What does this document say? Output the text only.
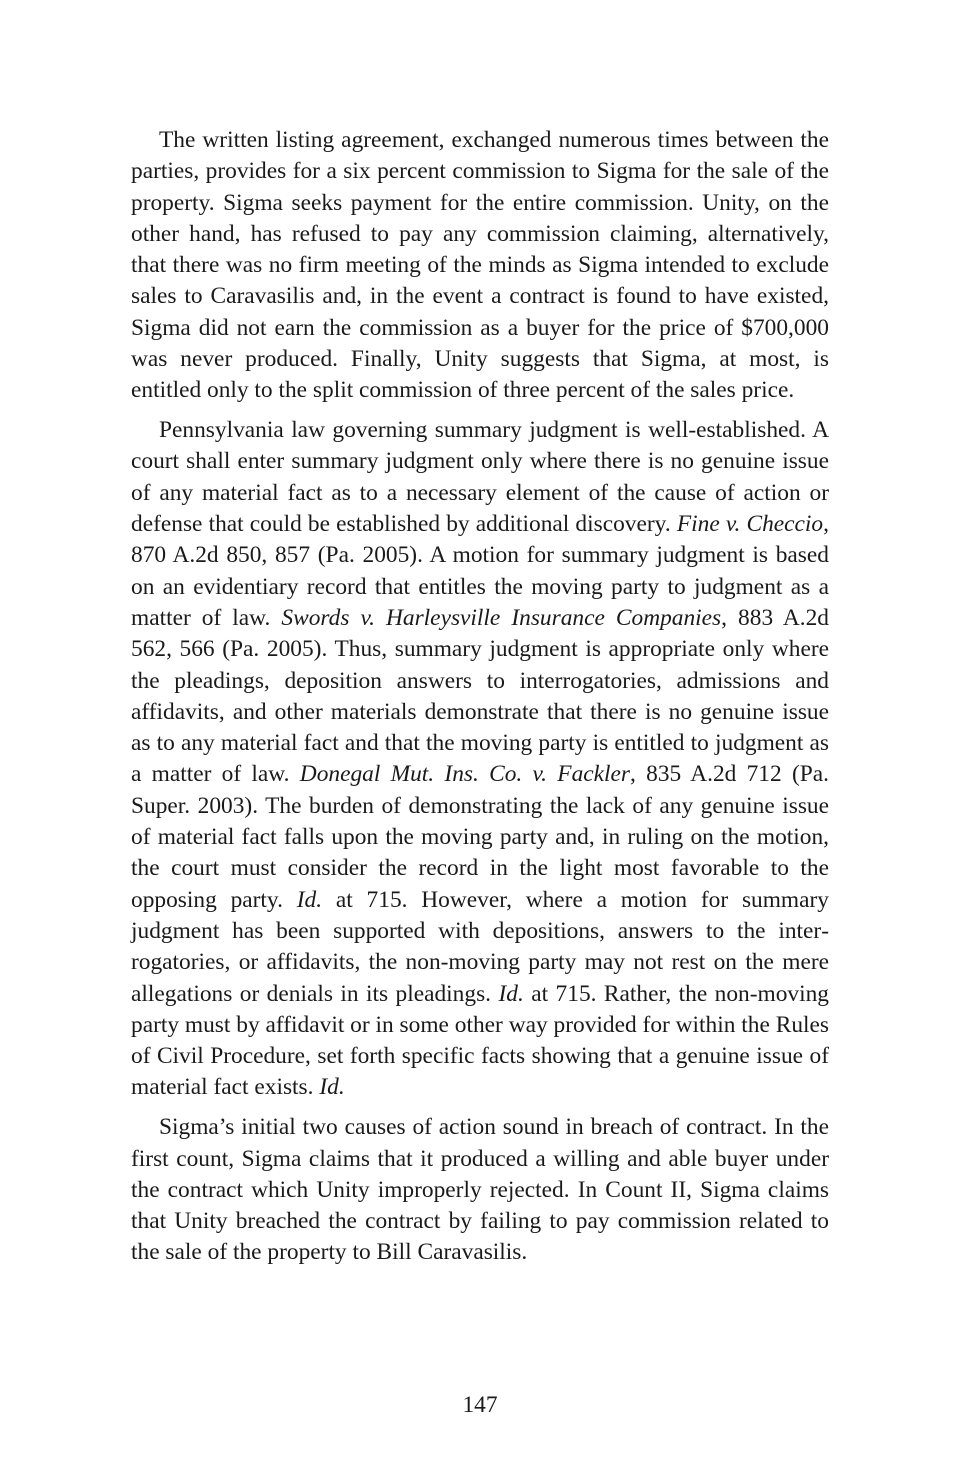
The written listing agreement, exchanged numerous times between the parties, provides for a six percent commission to Sigma for the sale of the property. Sigma seeks payment for the entire commission. Unity, on the other hand, has refused to pay any commission claiming, alternatively, that there was no firm meeting of the minds as Sigma intended to exclude sales to Caravasilis and, in the event a contract is found to have existed, Sigma did not earn the commission as a buyer for the price of $700,000 was never produced. Finally, Unity suggests that Sigma, at most, is entitled only to the split commission of three percent of the sales price.

Pennsylvania law governing summary judgment is well-established. A court shall enter summary judgment only where there is no genuine issue of any material fact as to a necessary element of the cause of action or defense that could be established by additional discovery. Fine v. Checcio, 870 A.2d 850, 857 (Pa. 2005). A motion for summary judgment is based on an evidentiary record that entitles the moving party to judgment as a matter of law. Swords v. Harleysville Insurance Companies, 883 A.2d 562, 566 (Pa. 2005). Thus, summary judgment is appropriate only where the pleadings, deposition answers to interrogatories, admissions and affidavits, and other materials demonstrate that there is no genuine issue as to any material fact and that the moving party is entitled to judgment as a matter of law. Donegal Mut. Ins. Co. v. Fackler, 835 A.2d 712 (Pa. Super. 2003). The burden of demonstrating the lack of any genuine issue of material fact falls upon the moving party and, in ruling on the motion, the court must consider the record in the light most favorable to the opposing party. Id. at 715. However, where a motion for summary judgment has been supported with depositions, answers to the interrogatories, or affidavits, the non-moving party may not rest on the mere allegations or denials in its pleadings. Id. at 715. Rather, the non-moving party must by affidavit or in some other way provided for within the Rules of Civil Procedure, set forth specific facts showing that a genuine issue of material fact exists. Id.

Sigma’s initial two causes of action sound in breach of contract. In the first count, Sigma claims that it produced a willing and able buyer under the contract which Unity improperly rejected. In Count II, Sigma claims that Unity breached the contract by failing to pay commission related to the sale of the property to Bill Caravasilis.

147
